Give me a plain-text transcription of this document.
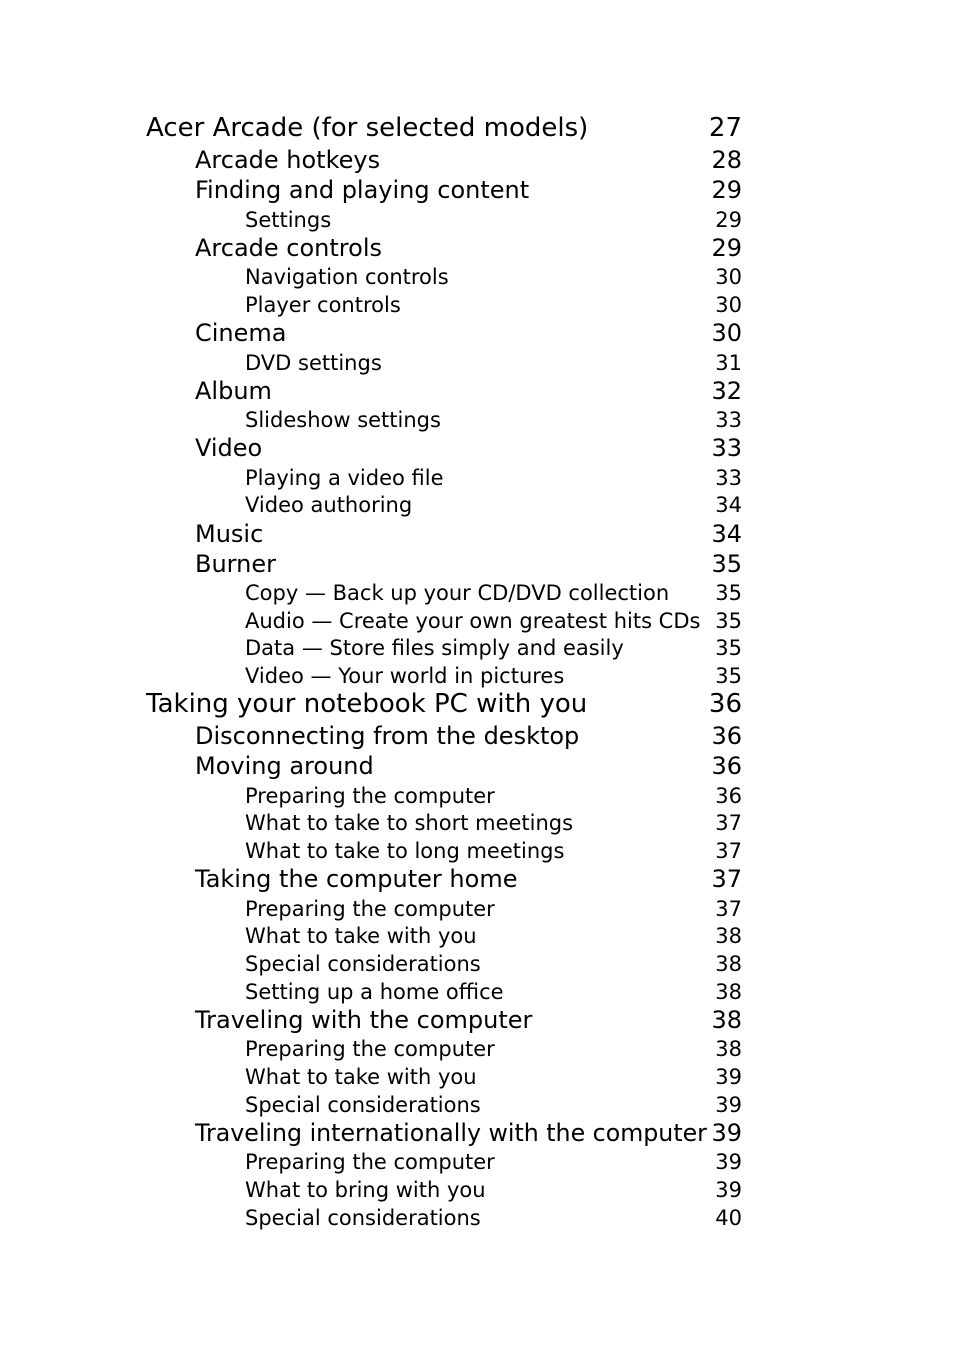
Acer Arcade (for selected models)	27
Arcade hotkeys	28
Finding and playing content	29
Settings	29
Arcade controls	29
Navigation controls	30
Player controls	30
Cinema	30
DVD settings	31
Album	32
Slideshow settings	33
Video	33
Playing a video file	33
Video authoring	34
Music	34
Burner	35
Copy — Back up your CD/DVD collection 35
Audio — Create your own greatest hits CDs 35
Data — Store files simply and easily	35
Video — Your world in pictures	35
Taking your notebook PC with you	36
Disconnecting from the desktop	36
Moving around	36
Preparing the computer	36
What to take to short meetings	37
What to take to long meetings	37
Taking the computer home	37
Preparing the computer	37
What to take with you	38
Special considerations	38
Setting up a home office	38
Traveling with the computer	38
Preparing the computer	38
What to take with you	39
Special considerations	39
Traveling internationally with the computer 39
Preparing the computer	39
What to bring with you	39
Special considerations	40
